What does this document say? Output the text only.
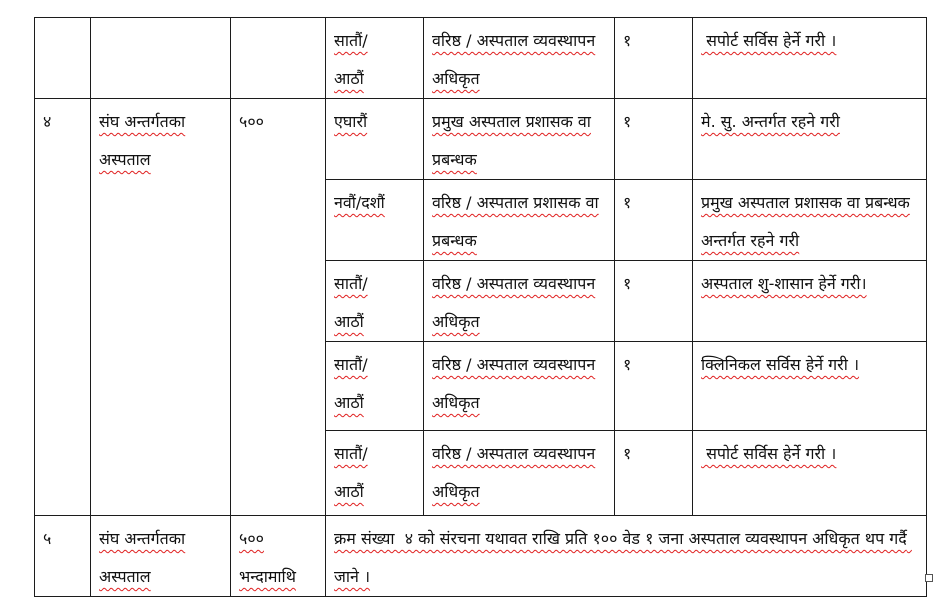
			सातौं/आठौं	वरिष्ठ / अस्पताल व्यवस्थापन अधिकृत	१	सपोर्ट सर्विस हेर्ने गरी ।
४	संघ अन्तर्गतका अस्पताल	५००	एघारौं	प्रमुख अस्पताल प्रशासक वा प्रबन्धक	१	मे. सु. अन्तर्गत रहने गरी
			नवौं/दशौं	वरिष्ठ / अस्पताल प्रशासक वा प्रबन्धक	१	प्रमुख अस्पताल प्रशासक वा प्रबन्धक अन्तर्गत रहने गरी
			सातौं/आठौं	वरिष्ठ / अस्पताल व्यवस्थापन अधिकृत	१	अस्पताल शु-शासान हेर्ने गरी।
			सातौं/आठौं	वरिष्ठ / अस्पताल व्यवस्थापन अधिकृत	१	क्लिनिकल सर्विस हेर्ने गरी ।
			सातौं/आठौं	वरिष्ठ / अस्पताल व्यवस्थापन अधिकृत	१	सपोर्ट सर्विस हेर्ने गरी ।
५	संघ अन्तर्गतका अस्पताल	५०० भन्दामाथि	क्रम संख्या  ४ को संरचना यथावत राखि प्रति १०० वेड १ जना अस्पताल व्यवस्थापन अधिकृत थप गर्दै जाने ।			
